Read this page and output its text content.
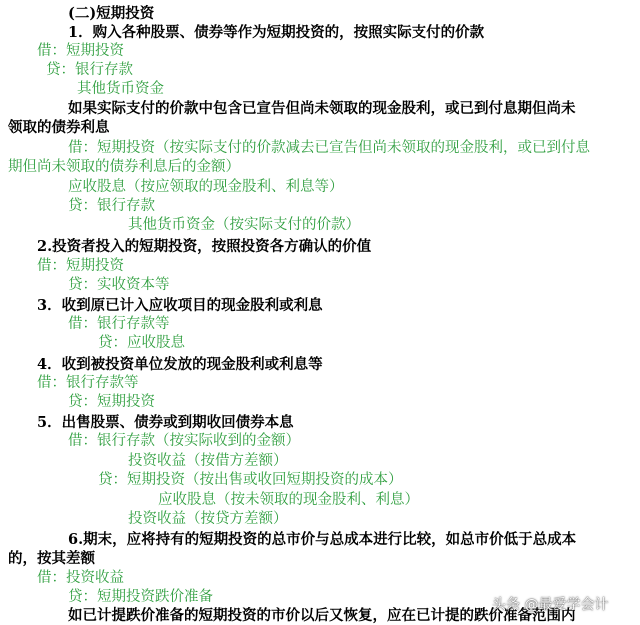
(二)短期投资
1．购入各种股票、债券等作为短期投资的，按照实际支付的价款
借：短期投资
贷：银行存款
其他货币资金
如果实际支付的价款中包含已宣告但尚未领取的现金股利，或已到付息期但尚未
领取的债券利息
借：短期投资（按实际支付的价款减去已宣告但尚未领取的现金股利，或已到付息
期但尚未领取的债券利息后的金额）
应收股息（按应领取的现金股利、利息等）
贷：银行存款
其他货币资金（按实际支付的价款）
2.投资者投入的短期投资，按照投资各方确认的价值
借：短期投资
贷：实收资本等
3．收到原已计入应收项目的现金股利或利息
借：银行存款等
贷：应收股息
4．收到被投资单位发放的现金股利或利息等
借：银行存款等
贷：短期投资
5．出售股票、债券或到期收回债券本息
借：银行存款（按实际收到的金额）
投资收益（按借方差额）
贷：短期投资（按出售或收回短期投资的成本）
应收股息（按未领取的现金股利、利息）
投资收益（按贷方差额）
6.期末，应将持有的短期投资的总市价与总成本进行比较，如总市价低于总成本
的，按其差额
借：投资收益
贷：短期投资跌价准备
如已计提跌价准备的短期投资的市价以后又恢复，应在已计提的跌价准备范围内
头条 @最爱学会计
